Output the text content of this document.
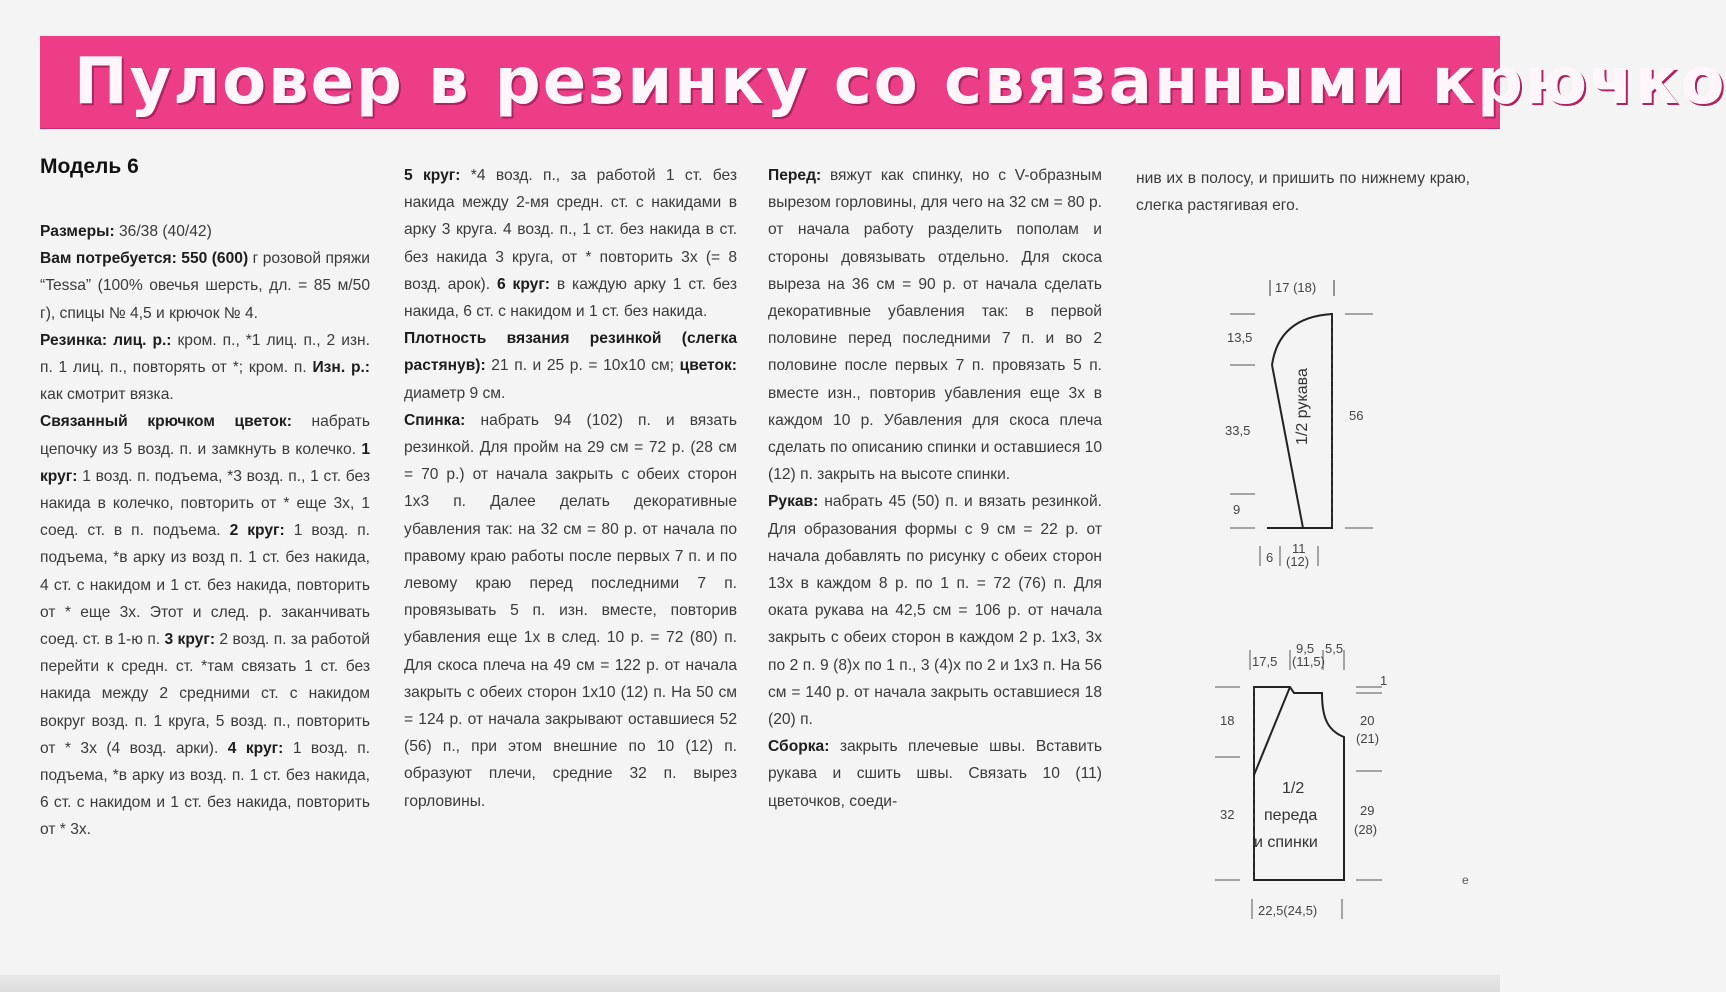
Пуловер в резинку со связанными крючко

Модель 6

Размеры: 36/38 (40/42)

Вам потребуется: 550 (600) г розовой пряжи “Tessa” (100% овечья шерсть, дл. = 85 м/50 г), спицы № 4,5 и крючок № 4.

Резинка: лиц. р.: кром. п., *1 лиц. п., 2 изн. п. 1 лиц. п., повторять от *; кром. п. Изн. р.: как смотрит вязка.

Связанный крючком цветок: набрать цепочку из 5 возд. п. и замкнуть в колечко. 1 круг: 1 возд. п. подъема, *3 возд. п., 1 ст. без накида в колечко, повторить от * еще 3х, 1 соед. ст. в п. подъема. 2 круг: 1 возд. п. подъема, *в арку из возд п. 1 ст. без накида, 4 ст. с накидом и 1 ст. без накида, повторить от * еще 3х. Этот и след. р. заканчивать соед. ст. в 1-ю п. 3 круг: 2 возд. п. за работой перейти к средн. ст. *там связать 1 ст. без накида между 2 средними ст. с накидом вокруг возд. п. 1 круга, 5 возд. п., повторить от * 3х (4 возд. арки). 4 круг: 1 возд. п. подъема, *в арку из возд. п. 1 ст. без накида, 6 ст. с накидом и 1 ст. без накида, повторить от * 3х.

5 круг: *4 возд. п., за работой 1 ст. без накида между 2-мя средн. ст. с накидами в арку 3 круга. 4 возд. п., 1 ст. без накида в ст. без накида 3 круга, от * повторить 3х (= 8 возд. арок). 6 круг: в каждую арку 1 ст. без накида, 6 ст. с накидом и 1 ст. без накида.

Плотность вязания резинкой (слегка растянув): 21 п. и 25 р. = 10х10 см; цветок: диаметр 9 см.

Спинка: набрать 94 (102) п. и вязать резинкой. Для пройм на 29 см = 72 р. (28 см = 70 р.) от начала закрыть с обеих сторон 1х3 п. Далее делать декоративные убавления так: на 32 см = 80 р. от начала по правому краю работы после первых 7 п. и по левому краю перед последними 7 п. провязывать 5 п. изн. вместе, повторив убавления еще 1х в след. 10 р. = 72 (80) п. Для скоса плеча на 49 см = 122 р. от начала закрыть с обеих сторон 1х10 (12) п. На 50 см = 124 р. от начала закрывают оставшиеся 52 (56) п., при этом внешние по 10 (12) п. образуют плечи, средние 32 п. вырез горловины.

Перед: вяжут как спинку, но с V-образным вырезом горловины, для чего на 32 см = 80 р. от начала работу разделить пополам и стороны довязывать отдельно. Для скоса выреза на 36 см = 90 р. от начала сделать декоративные убавления так: в первой половине перед последними 7 п. и во 2 половине после первых 7 п. провязать 5 п. вместе изн., повторив убавления еще 3х в каждом 10 р. Убавления для скоса плеча сделать по описанию спинки и оставшиеся 10 (12) п. закрыть на высоте спинки.

Рукав: набрать 45 (50) п. и вязать резинкой. Для образования формы с 9 см = 22 р. от начала добавлять по рисунку с обеих сторон 13х в каждом 8 р. по 1 п. = 72 (76) п. Для оката рукава на 42,5 см = 106 р. от начала закрыть с обеих сторон в каждом 2 р. 1х3, 3х по 2 п. 9 (8)х по 1 п., 3 (4)х по 2 и 1х3 п. На 56 см = 140 р. от начала закрыть оставшиеся 18 (20) п.

Сборка: закрыть плечевые швы. Вставить рукава и сшить швы. Связать 10 (11) цветочков, соеди-

нив их в полосу, и пришить по нижнему краю, слегка растягивая его.

17 (18)
13,5
33,5
9
56
1/2 рукава
6
11
(12)
17,5
9,5
(11,5)
5,5
18
32
1
20
(21)
29
(28)
1/2
переда
и спинки
22,5(24,5)
e
